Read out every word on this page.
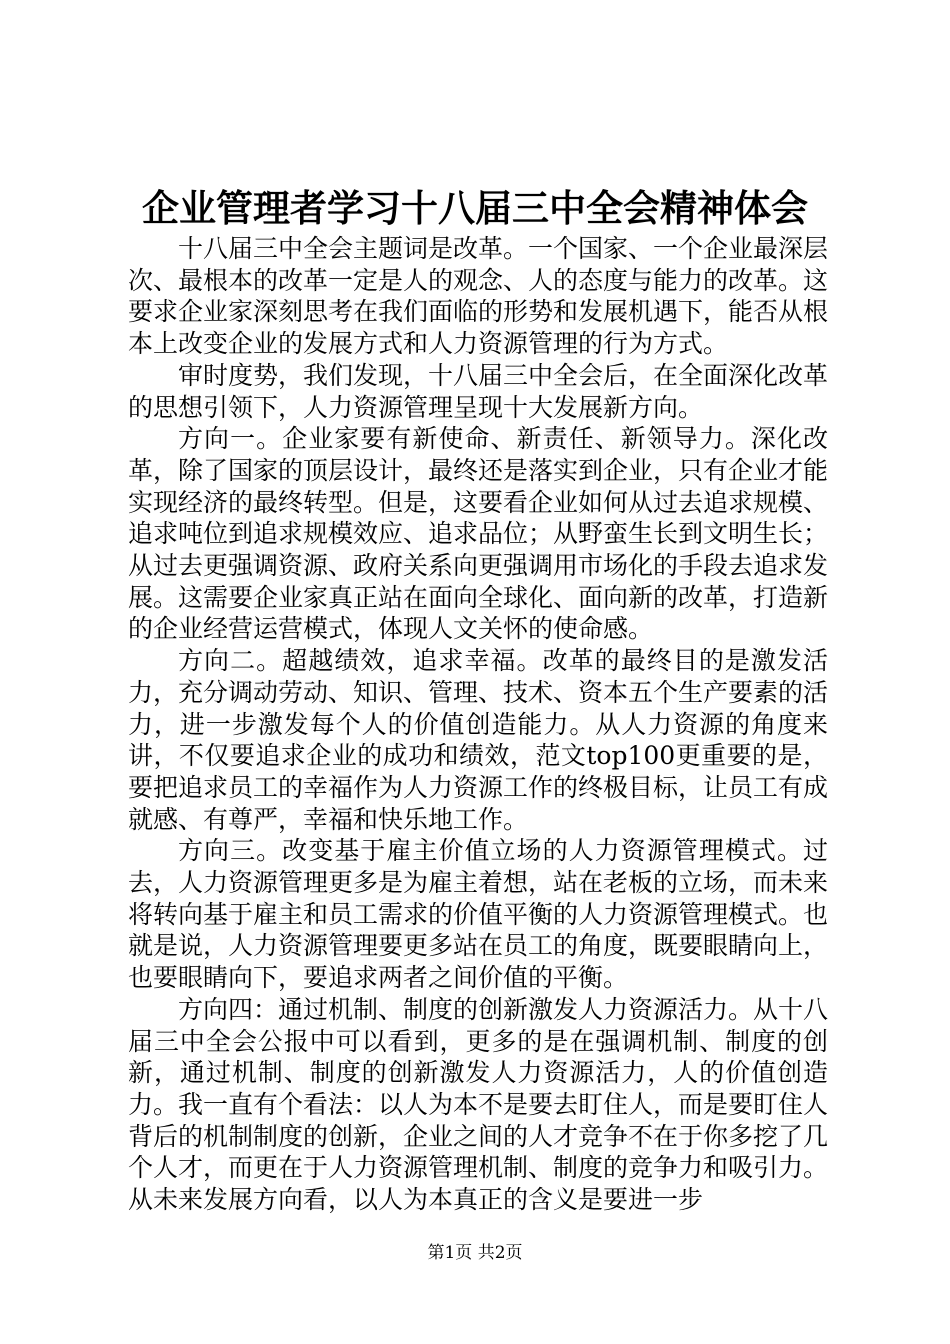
企业管理者学习十八届三中全会精神体会

十八届三中全会主题词是改革。一个国家、一个企业最深层次、最根本的改革一定是人的观念、人的态度与能力的改革。这要求企业家深刻思考在我们面临的形势和发展机遇下，能否从根本上改变企业的发展方式和人力资源管理的行为方式。

审时度势，我们发现，十八届三中全会后，在全面深化改革的思想引领下，人力资源管理呈现十大发展新方向。

方向一。企业家要有新使命、新责任、新领导力。深化改革，除了国家的顶层设计，最终还是落实到企业，只有企业才能实现经济的最终转型。但是，这要看企业如何从过去追求规模、追求吨位到追求规模效应、追求品位；从野蛮生长到文明生长；从过去更强调资源、政府关系向更强调用市场化的手段去追求发展。这需要企业家真正站在面向全球化、面向新的改革，打造新的企业经营运营模式，体现人文关怀的使命感。

方向二。超越绩效，追求幸福。改革的最终目的是激发活力，充分调动劳动、知识、管理、技术、资本五个生产要素的活力，进一步激发每个人的价值创造能力。从人力资源的角度来讲，不仅要追求企业的成功和绩效，范文top100更重要的是，要把追求员工的幸福作为人力资源工作的终极目标，让员工有成就感、有尊严，幸福和快乐地工作。

方向三。改变基于雇主价值立场的人力资源管理模式。过去，人力资源管理更多是为雇主着想，站在老板的立场，而未来将转向基于雇主和员工需求的价值平衡的人力资源管理模式。也就是说，人力资源管理要更多站在员工的角度，既要眼睛向上，也要眼睛向下，要追求两者之间价值的平衡。

方向四：通过机制、制度的创新激发人力资源活力。从十八届三中全会公报中可以看到，更多的是在强调机制、制度的创新，通过机制、制度的创新激发人力资源活力，人的价值创造力。我一直有个看法：以人为本不是要去盯住人，而是要盯住人背后的机制制度的创新，企业之间的人才竞争不在于你多挖了几个人才，而更在于人力资源管理机制、制度的竞争力和吸引力。从未来发展方向看，以人为本真正的含义是要进一步

第1页 共2页
